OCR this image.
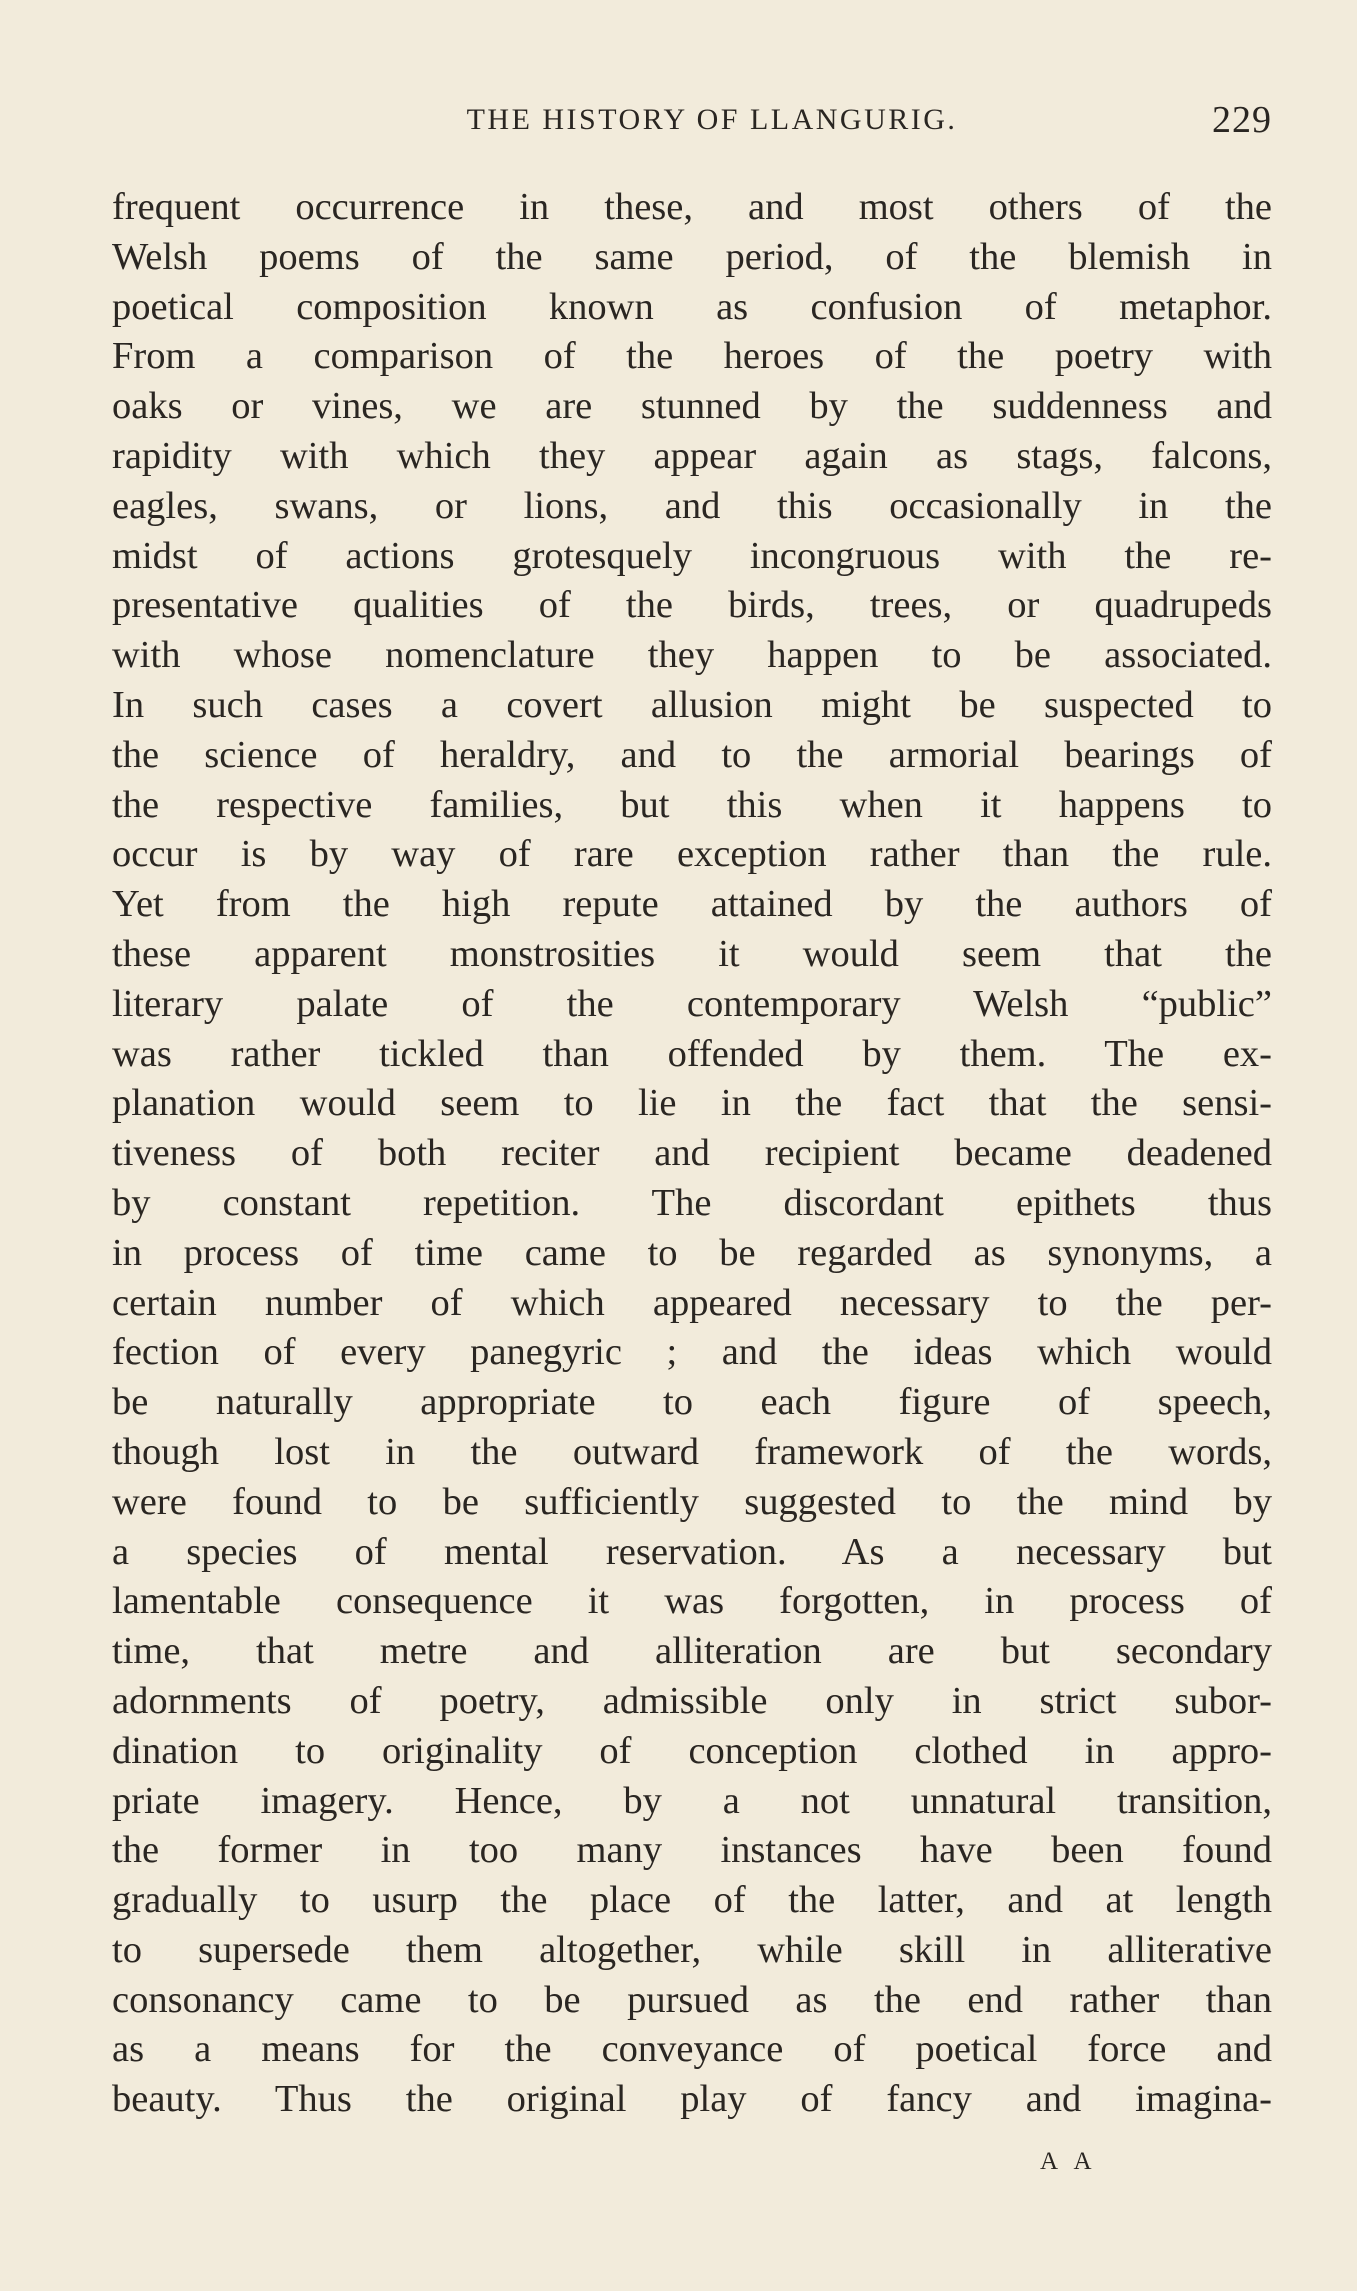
THE HISTORY OF LLANGURIG.	229
frequent occurrence in these, and most others of the
Welsh poems of the same period, of the blemish in
poetical composition known as confusion of metaphor.
From a comparison of the heroes of the poetry with
oaks or vines, we are stunned by the suddenness and
rapidity with which they appear again as stags, falcons,
eagles, swans, or lions, and this occasionally in the
midst of actions grotesquely incongruous with the re-
presentative qualities of the birds, trees, or quadrupeds
with whose nomenclature they happen to be associated.
In such cases a covert allusion might be suspected to
the science of heraldry, and to the armorial bearings of
the respective families, but this when it happens to
occur is by way of rare exception rather than the rule.
Yet from the high repute attained by the authors of
these apparent monstrosities it would seem that the
literary palate of the contemporary Welsh “public”
was rather tickled than offended by them. The ex-
planation would seem to lie in the fact that the sensi-
tiveness of both reciter and recipient became deadened
by constant repetition. The discordant epithets thus
in process of time came to be regarded as synonyms, a
certain number of which appeared necessary to the per-
fection of every panegyric ; and the ideas which would
be naturally appropriate to each figure of speech,
though lost in the outward framework of the words,
were found to be sufficiently suggested to the mind by
a species of mental reservation. As a necessary but
lamentable consequence it was forgotten, in process of
time, that metre and alliteration are but secondary
adornments of poetry, admissible only in strict subor-
dination to originality of conception clothed in appro-
priate imagery. Hence, by a not unnatural transition,
the former in too many instances have been found
gradually to usurp the place of the latter, and at length
to supersede them altogether, while skill in alliterative
consonancy came to be pursued as the end rather than
as a means for the conveyance of poetical force and
beauty. Thus the original play of fancy and imagina-
A A
